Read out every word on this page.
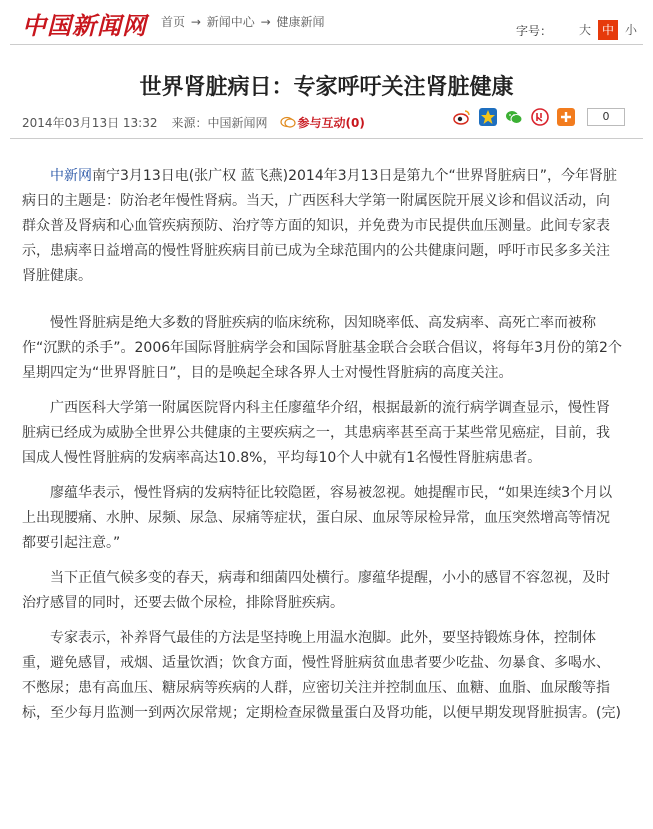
中国新闻网 首页 → 新闻中心 → 健康新闻
字号：	大 中 小
世界肾脏病日：专家呼吁关注肾脏健康
2014年03月13日 13:32 来源：中国新闻网	参与互动(0)	0

中新网南宁3月13日电(张广权 蓝飞燕)2014年3月13日是第九个“世界肾脏病日”，今年肾脏病日的主题是：防治老年慢性肾病。当天，广西医科大学第一附属医院开展义诊和倡议活动，向群众普及肾病和心血管疾病预防、治疗等方面的知识，并免费为市民提供血压测量。此间专家表示，患病率日益增高的慢性肾脏疾病目前已成为全球范围内的公共健康问题，呼吁市民多多关注肾脏健康。

慢性肾脏病是绝大多数的肾脏疾病的临床统称，因知晓率低、高发病率、高死亡率而被称作“沉默的杀手”。2006年国际肾脏病学会和国际肾脏基金联合会联合倡议，将每年3月份的第2个星期四定为“世界肾脏日”，目的是唤起全球各界人士对慢性肾脏病的高度关注。

广西医科大学第一附属医院肾内科主任廖蕴华介绍，根据最新的流行病学调查显示，慢性肾脏病已经成为威胁全世界公共健康的主要疾病之一，其患病率甚至高于某些常见癌症，目前，我国成人慢性肾脏病的发病率高达10.8%，平均每10个人中就有1名慢性肾脏病患者。

廖蕴华表示，慢性肾病的发病特征比较隐匿，容易被忽视。她提醒市民，“如果连续3个月以上出现腰痛、水肿、尿频、尿急、尿痛等症状，蛋白尿、血尿等尿检异常，血压突然增高等情况都要引起注意。”

当下正值气候多变的春天，病毒和细菌四处横行。廖蕴华提醒，小小的感冒不容忽视，及时治疗感冒的同时，还要去做个尿检，排除肾脏疾病。

专家表示，补养肾气最佳的方法是坚持晚上用温水泡脚。此外，要坚持锻炼身体，控制体重，避免感冒，戒烟、适量饮酒；饮食方面，慢性肾脏病贫血患者要少吃盐、勿暴食、多喝水、不憋尿；患有高血压、糖尿病等疾病的人群，应密切关注并控制血压、血糖、血脂、血尿酸等指标，至少每月监测一到两次尿常规；定期检查尿微量蛋白及肾功能，以便早期发现肾脏损害。(完)
